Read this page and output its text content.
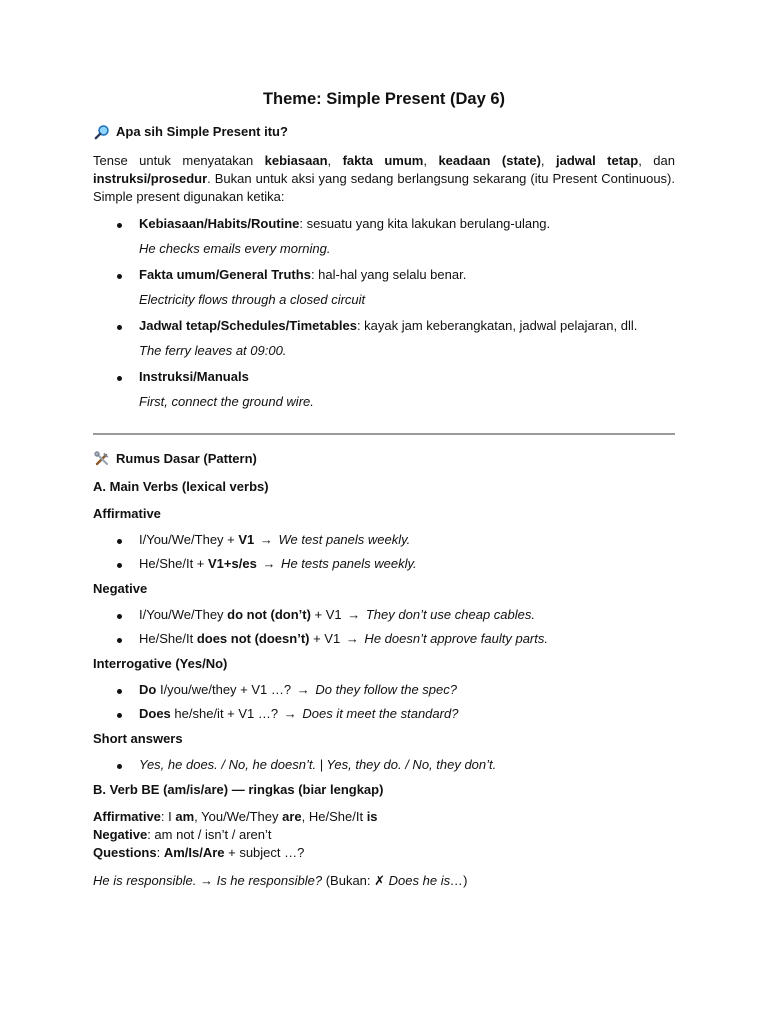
Theme: Simple Present (Day 6)
Apa sih Simple Present itu?

Tense untuk menyatakan kebiasaan, fakta umum, keadaan (state), jadwal tetap, dan instruksi/prosedur. Bukan untuk aksi yang sedang berlangsung sekarang (itu Present Continuous). Simple present digunakan ketika:

Kebiasaan/Habits/Routine: sesuatu yang kita lakukan berulang-ulang.

He checks emails every morning.

Fakta umum/General Truths: hal-hal yang selalu benar.

Electricity flows through a closed circuit

Jadwal tetap/Schedules/Timetables: kayak jam keberangkatan, jadwal pelajaran, dll.

The ferry leaves at 09:00.

Instruksi/Manuals

First, connect the ground wire.

Rumus Dasar (Pattern)

A. Main Verbs (lexical verbs)

Affirmative

I/You/We/They + V1 → We test panels weekly.
He/She/It + V1+s/es → He tests panels weekly.

Negative

I/You/We/They do not (don’t) + V1 → They don’t use cheap cables.
He/She/It does not (doesn’t) + V1 → He doesn’t approve faulty parts.

Interrogative (Yes/No)

Do I/you/we/they + V1 …? → Do they follow the spec?
Does he/she/it + V1 …? → Does it meet the standard?

Short answers

Yes, he does. / No, he doesn’t. | Yes, they do. / No, they don’t.

B. Verb BE (am/is/are) — ringkas (biar lengkap)

Affirmative: I am, You/We/They are, He/She/It is

Negative: am not / isn’t / aren’t

Questions: Am/Is/Are + subject …?

He is responsible. → Is he responsible? (Bukan: ✗ Does he is…)
